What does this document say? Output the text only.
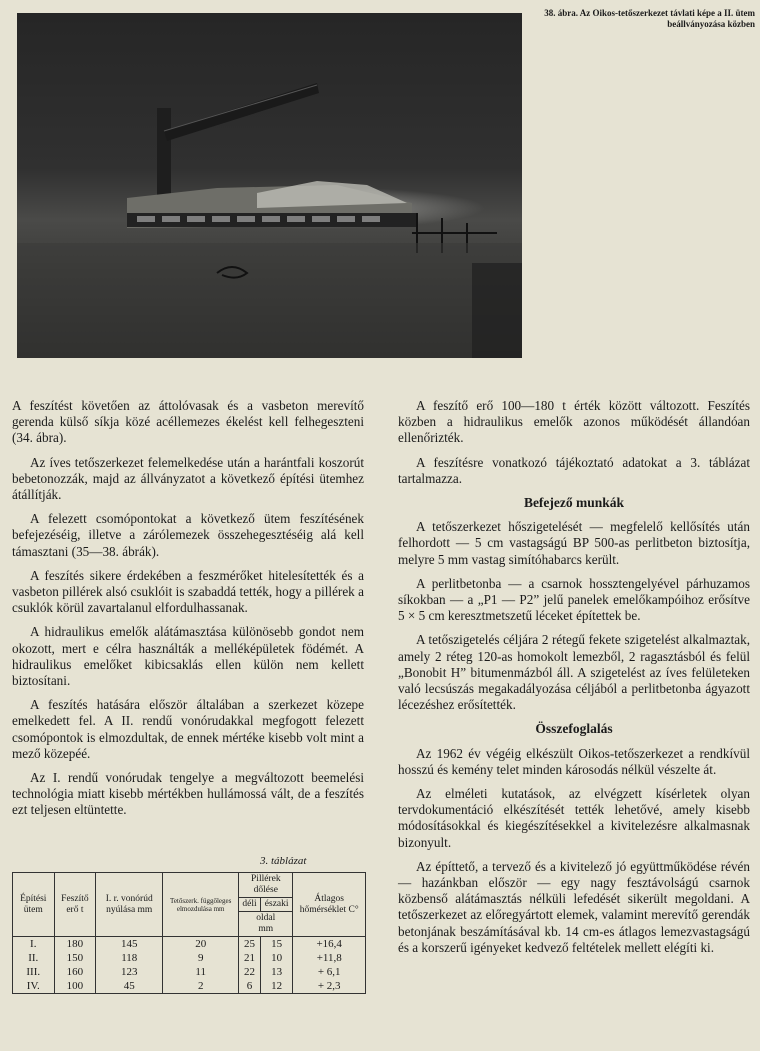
38. ábra. Az Oikos-tetőszerkezet távlati képe a II. ütem beállványozása közben

A feszítést követően az áttolóvasak és a vasbeton merevítő gerenda külső síkja közé acéllemezes ékelést kell felhegeszteni (34. ábra).

Az íves tetőszerkezet felemelkedése után a harántfali koszorút bebetonozzák, majd az állványzatot a következő építési ütemhez átállítják.

A felezett csomópontokat a következő ütem feszítésének befejezéséig, illetve a zárólemezek összehegesztéséig alá kell támasztani (35—38. ábrák).

A feszítés sikere érdekében a feszmérőket hitelesítették és a vasbeton pillérek alsó csuklóit is szabaddá tették, hogy a pillérek a csuklók körül zavartalanul elfordulhassanak.

A hidraulikus emelők alátámasztása különösebb gondot nem okozott, mert e célra használták a melléképületek födémét. A hidraulikus emelőket kibicsaklás ellen külön nem kellett biztosítani.

A feszítés hatására először általában a szerkezet közepe emelkedett fel. A II. rendű vonórudakkal megfogott felezett csomópontok is elmozdultak, de ennek mértéke kisebb volt mint a mező közepéé.

Az I. rendű vonórudak tengelye a megváltozott beemelési technológia miatt kisebb mértékben hullámossá vált, de a feszítés ezt teljesen eltüntette.

3. táblázat
Építési ütem	Feszítő erő t	I. r. vonórúd nyúlása mm	Tetőszerk. függőleges elmozdulása mm	Pillérek dőlése		Átlagos hőmérséklet C°
				déli	északi	
				oldal
mm		
I.	180	145	20	25	15	+16,4
II.	150	118	9	21	10	+11,8
III.	160	123	11	22	13	+ 6,1
IV.	100	45	2	6	12	+ 2,3

A feszítő erő 100—180 t érték között változott. Feszítés közben a hidraulikus emelők azonos működését állandóan ellenőrizték.

A feszítésre vonatkozó tájékoztató adatokat a 3. táblázat tartalmazza.

Befejező munkák

A tetőszerkezet hőszigetelését — megfelelő kellősítés után felhordott — 5 cm vastagságú BP 500-as perlitbeton biztosítja, melyre 5 mm vastag simítóhabarcs került.

A perlitbetonba — a csarnok hossztengelyével párhuzamos síkokban — a „P1 — P2” jelű panelek emelőkampóihoz erősítve 5 × 5 cm keresztmetszetű léceket építettek be.

A tetőszigetelés céljára 2 rétegű fekete szigetelést alkalmaztak, amely 2 réteg 120-as homokolt lemezből, 2 ragasztásból és felül „Bonobit H” bitumenmázból áll. A szigetelést az íves felületeken való lecsúszás megakadályozása céljából a perlitbetonba ágyazott lécezéshez erősítették.

Összefoglalás

Az 1962 év végéig elkészült Oikos-tetőszerkezet a rendkívül hosszú és kemény telet minden károsodás nélkül vészelte át.

Az elméleti kutatások, az elvégzett kísérletek olyan tervdokumentáció elkészítését tették lehetővé, amely kisebb módosításokkal és kiegészítésekkel a kivitelezésre alkalmasnak bizonyult.

Az építtető, a tervező és a kivitelező jó együttműködése révén — hazánkban először — egy nagy fesztávolságú csarnok közbenső alátámasztás nélküli lefedését sikerült megoldani. A tetőszerkezet az előregyártott elemek, valamint merevítő gerendák betonjának beszámításával kb. 14 cm-es átlagos lemezvastagságú és a korszerű igényeket kedvező feltételek mellett elégíti ki.
